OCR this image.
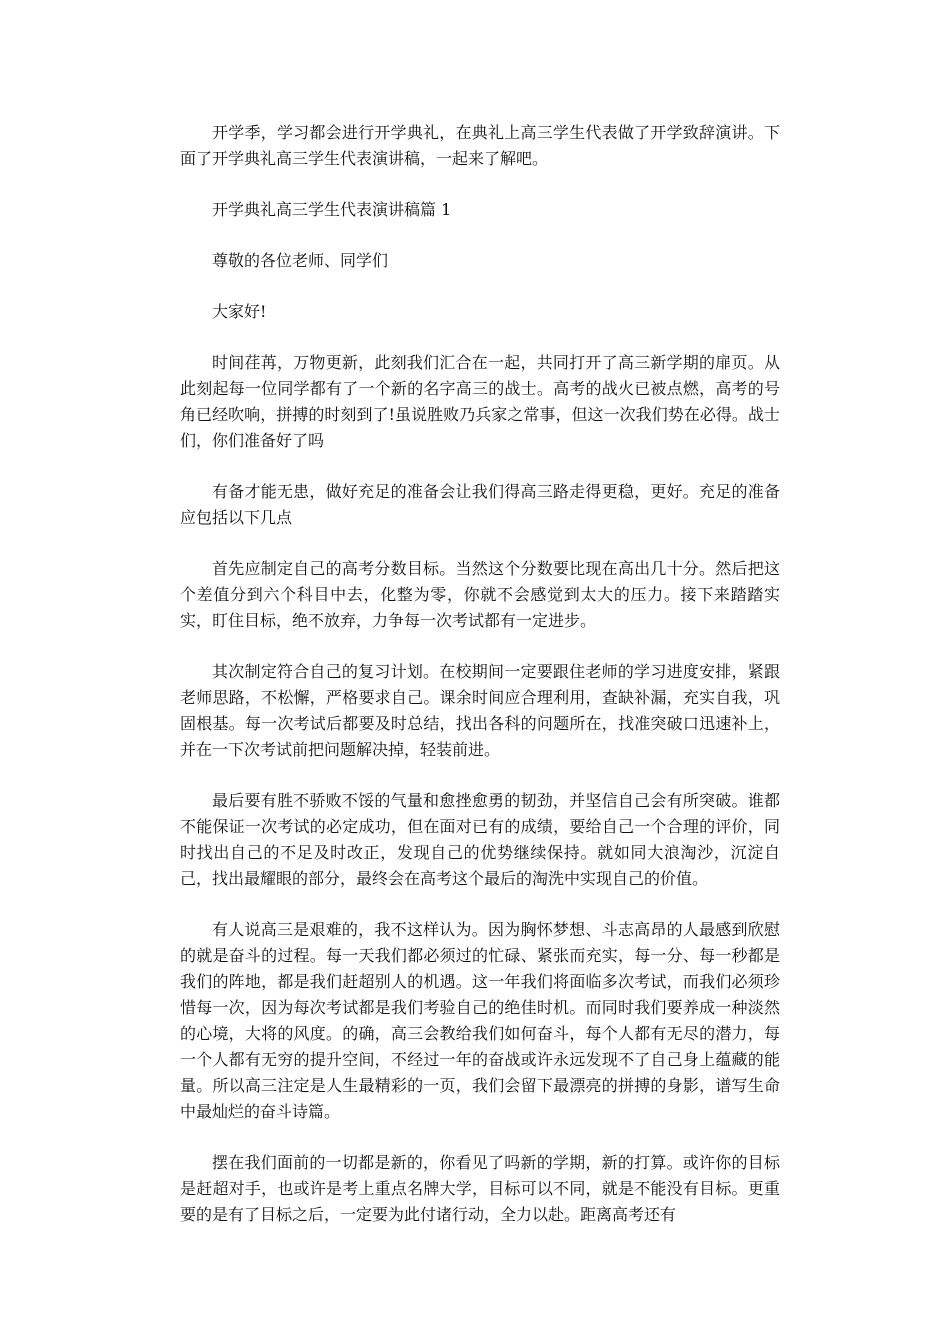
开学季，学习都会进行开学典礼，在典礼上高三学生代表做了开学致辞演讲。下面了开学典礼高三学生代表演讲稿，一起来了解吧。

开学典礼高三学生代表演讲稿篇 1

尊敬的各位老师、同学们

大家好!

时间荏苒，万物更新，此刻我们汇合在一起，共同打开了高三新学期的扉页。从此刻起每一位同学都有了一个新的名字高三的战士。高考的战火已被点燃，高考的号角已经吹响，拼搏的时刻到了!虽说胜败乃兵家之常事，但这一次我们势在必得。战士们，你们准备好了吗

有备才能无患，做好充足的准备会让我们得高三路走得更稳，更好。充足的准备应包括以下几点

首先应制定自己的高考分数目标。当然这个分数要比现在高出几十分。然后把这个差值分到六个科目中去，化整为零，你就不会感觉到太大的压力。接下来踏踏实实，盯住目标，绝不放弃，力争每一次考试都有一定进步。

其次制定符合自己的复习计划。在校期间一定要跟住老师的学习进度安排，紧跟老师思路，不松懈，严格要求自己。课余时间应合理利用，查缺补漏，充实自我，巩固根基。每一次考试后都要及时总结，找出各科的问题所在，找准突破口迅速补上，并在一下次考试前把问题解决掉，轻装前进。

最后要有胜不骄败不馁的气量和愈挫愈勇的韧劲，并坚信自己会有所突破。谁都不能保证一次考试的必定成功，但在面对已有的成绩，要给自己一个合理的评价，同时找出自己的不足及时改正，发现自己的优势继续保持。就如同大浪淘沙，沉淀自己，找出最耀眼的部分，最终会在高考这个最后的淘洗中实现自己的价值。

有人说高三是艰难的，我不这样认为。因为胸怀梦想、斗志高昂的人最感到欣慰的就是奋斗的过程。每一天我们都必须过的忙碌、紧张而充实，每一分、每一秒都是我们的阵地，都是我们赶超别人的机遇。这一年我们将面临多次考试，而我们必须珍惜每一次，因为每次考试都是我们考验自己的绝佳时机。而同时我们要养成一种淡然的心境，大将的风度。的确，高三会教给我们如何奋斗，每个人都有无尽的潜力，每一个人都有无穷的提升空间，不经过一年的奋战或许永远发现不了自己身上蕴藏的能量。所以高三注定是人生最精彩的一页，我们会留下最漂亮的拼搏的身影，谱写生命中最灿烂的奋斗诗篇。

摆在我们面前的一切都是新的，你看见了吗新的学期，新的打算。或许你的目标是赶超对手，也或许是考上重点名牌大学，目标可以不同，就是不能没有目标。更重要的是有了目标之后，一定要为此付诸行动，全力以赴。距离高考还有
